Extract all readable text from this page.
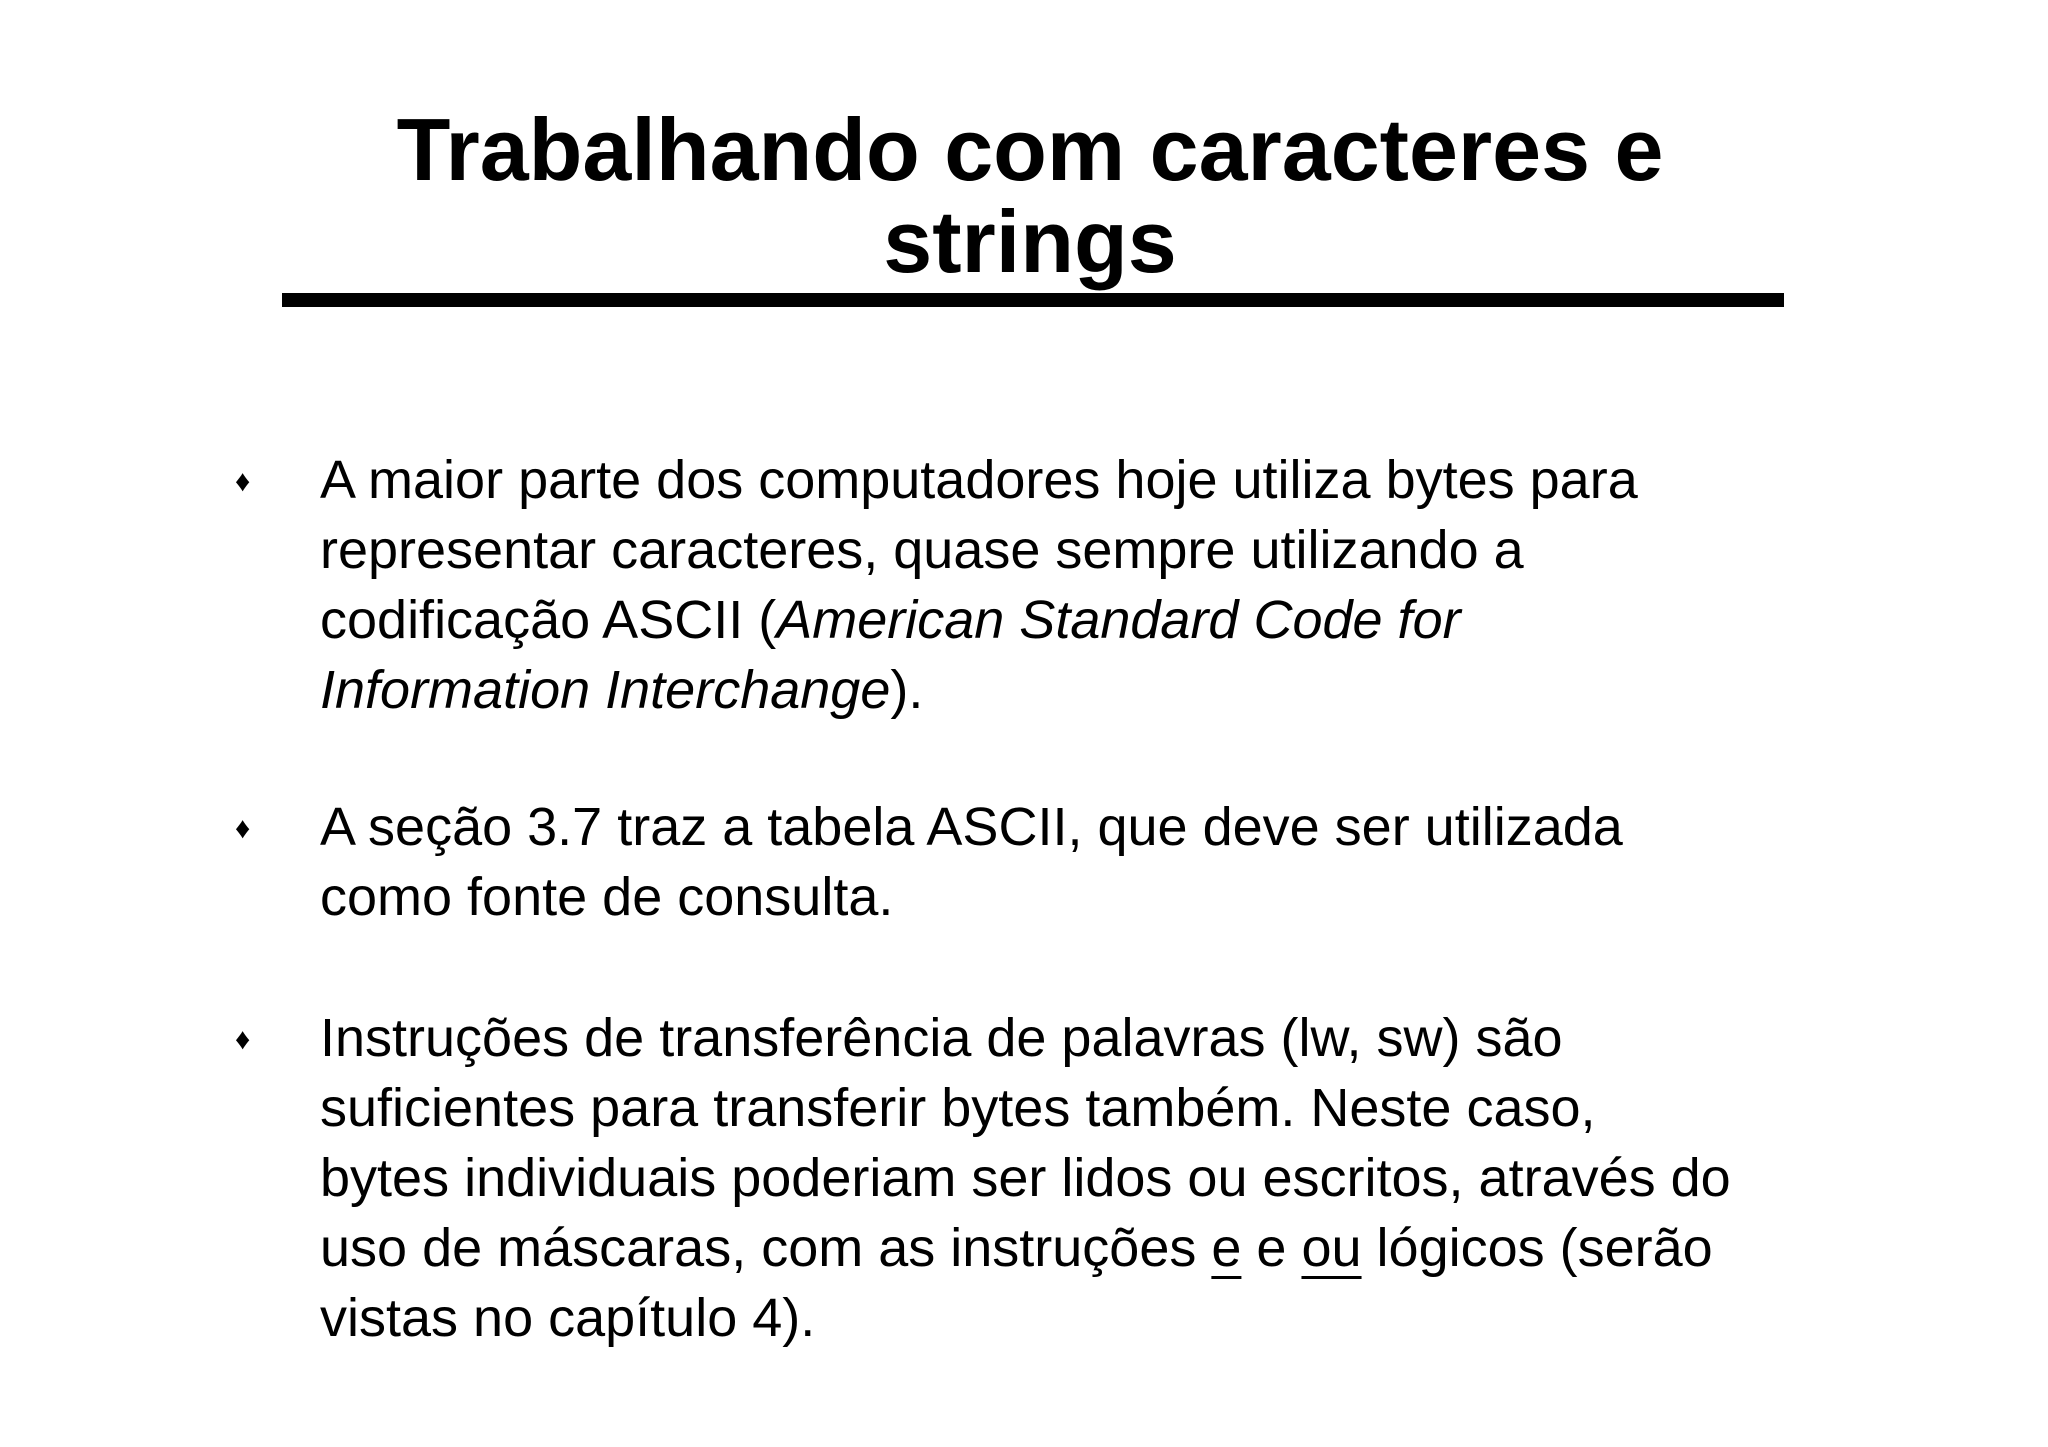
Trabalhando com caracteres e
strings
♦ A maior parte dos computadores hoje utiliza bytes para
representar caracteres, quase sempre utilizando a
codificação ASCII (American Standard Code for
Information Interchange).

♦ A seção 3.7 traz a tabela ASCII, que deve ser utilizada
como fonte de consulta.

♦ Instruções de transferência de palavras (lw, sw) são
suficientes para transferir bytes também. Neste caso,
bytes individuais poderiam ser lidos ou escritos, através do
uso de máscaras, com as instruções e e ou lógicos (serão
vistas no capítulo 4).
